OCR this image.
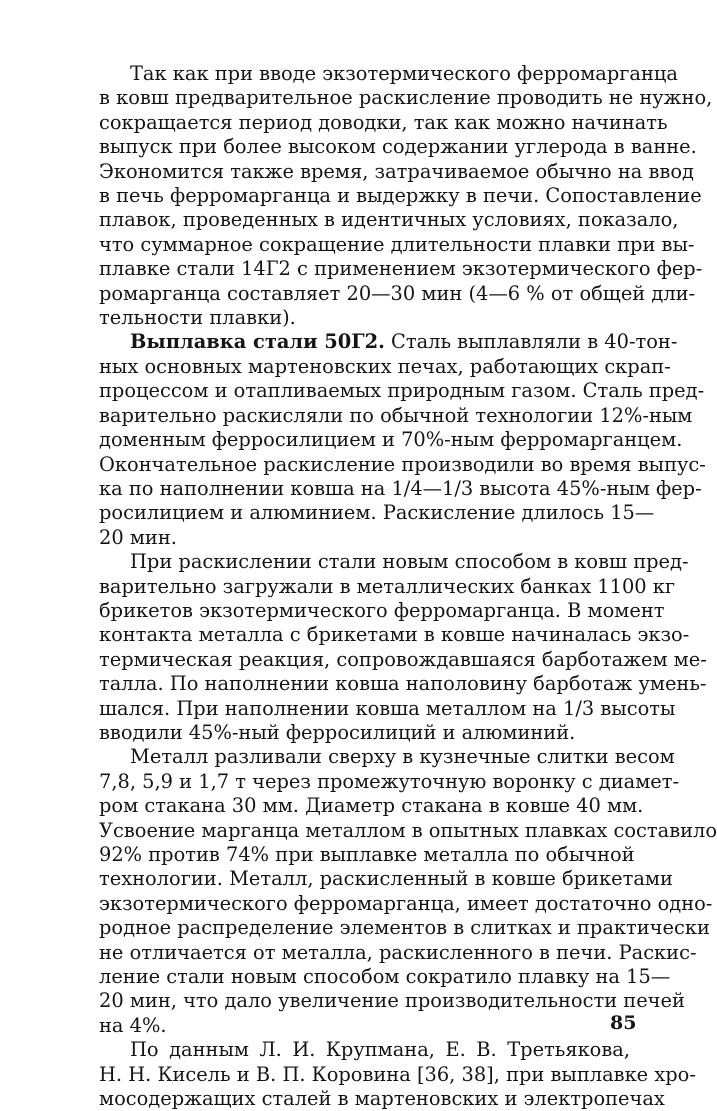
Так как при вводе экзотермического ферромарганца
в ковш предварительное раскисление проводить не нужно,
сокращается период доводки, так как можно начинать
выпуск при более высоком содержании углерода в ванне.
Экономится также время, затрачиваемое обычно на ввод
в печь ферромарганца и выдержку в печи. Сопоставление
плавок, проведенных в идентичных условиях, показало,
что суммарное сокращение длительности плавки при вы-
плавке стали 14Г2 с применением экзотермического фер-
ромарганца составляет 20—30 мин (4—6 % от общей дли-
тельности плавки).
Выплавка стали 50Г2. Сталь выплавляли в 40-тон-
ных основных мартеновских печах, работающих скрап-
процессом и отапливаемых природным газом. Сталь пред-
варительно раскисляли по обычной технологии 12%-ным
доменным ферросилицием и 70%-ным ферромарганцем.
Окончательное раскисление производили во время выпус-
ка по наполнении ковша на 1/4—1/3 высота 45%-ным фер-
росилицием и алюминием. Раскисление длилось 15—
20 мин.
При раскислении стали новым способом в ковш пред-
варительно загружали в металлических банках 1100 кг
брикетов экзотермического ферромарганца. В момент
контакта металла с брикетами в ковше начиналась экзо-
термическая реакция, сопровождавшаяся барботажем ме-
талла. По наполнении ковша наполовину барботаж умень-
шался. При наполнении ковша металлом на 1/3 высоты
вводили 45%-ный ферросилиций и алюминий.
Металл разливали сверху в кузнечные слитки весом
7,8, 5,9 и 1,7 т через промежуточную воронку с диамет-
ром стакана 30 мм. Диаметр стакана в ковше 40 мм.
Усвоение марганца металлом в опытных плавках составило
92% против 74% при выплавке металла по обычной
технологии. Металл, раскисленный в ковше брикетами
экзотермического ферромарганца, имеет достаточно одно-
родное распределение элементов в слитках и практически
не отличается от металла, раскисленного в печи. Раскис-
ление стали новым способом сократило плавку на 15—
20 мин, что дало увеличение производительности печей
на 4%.
По данным Л. И. Крупмана, Е. В. Третьякова,
Н. Н. Кисель и В. П. Коровина [36, 38], при выплавке хро-
мосодержащих сталей в мартеновских и электропечах
85
